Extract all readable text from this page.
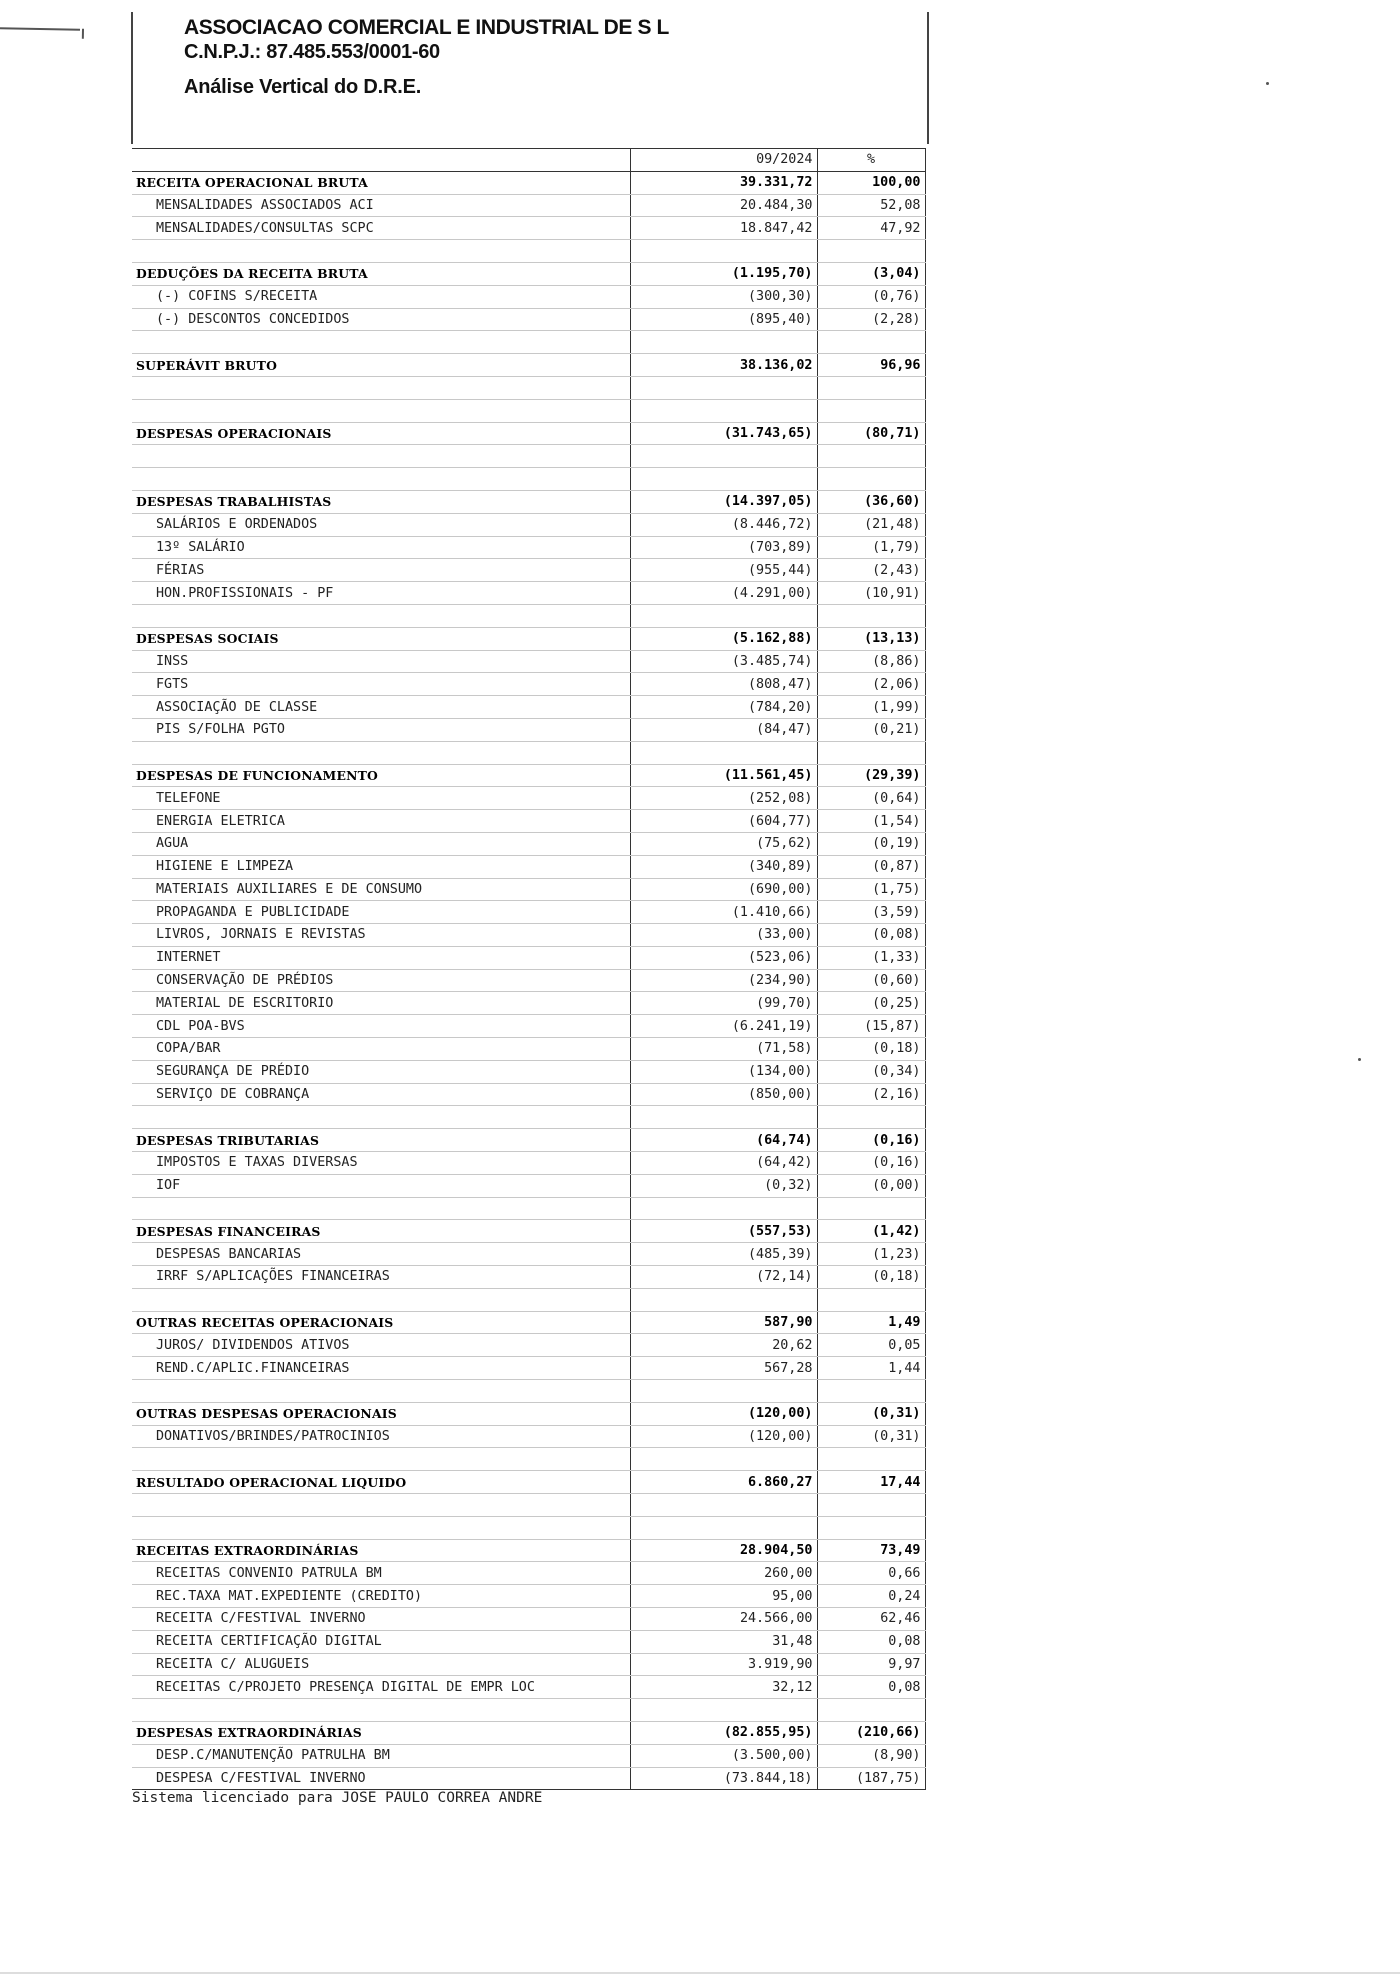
ASSOCIACAO COMERCIAL E INDUSTRIAL DE S L
C.N.P.J.: 87.485.553/0001-60
Análise Vertical do D.R.E.
	09/2024	%
RECEITA OPERACIONAL BRUTA	39.331,72	100,00
MENSALIDADES ASSOCIADOS ACI	20.484,30	52,08
MENSALIDADES/CONSULTAS SCPC	18.847,42	47,92

DEDUÇÕES DA RECEITA BRUTA	(1.195,70)	(3,04)
(-) COFINS S/RECEITA	(300,30)	(0,76)
(-) DESCONTOS CONCEDIDOS	(895,40)	(2,28)

SUPERÁVIT BRUTO	38.136,02	96,96

DESPESAS OPERACIONAIS	(31.743,65)	(80,71)

DESPESAS TRABALHISTAS	(14.397,05)	(36,60)
SALÁRIOS E ORDENADOS	(8.446,72)	(21,48)
13º SALÁRIO	(703,89)	(1,79)
FÉRIAS	(955,44)	(2,43)
HON.PROFISSIONAIS - PF	(4.291,00)	(10,91)

DESPESAS SOCIAIS	(5.162,88)	(13,13)
INSS	(3.485,74)	(8,86)
FGTS	(808,47)	(2,06)
ASSOCIAÇÃO DE CLASSE	(784,20)	(1,99)
PIS S/FOLHA PGTO	(84,47)	(0,21)

DESPESAS DE FUNCIONAMENTO	(11.561,45)	(29,39)
TELEFONE	(252,08)	(0,64)
ENERGIA ELETRICA	(604,77)	(1,54)
AGUA	(75,62)	(0,19)
HIGIENE E LIMPEZA	(340,89)	(0,87)
MATERIAIS AUXILIARES E DE CONSUMO	(690,00)	(1,75)
PROPAGANDA E PUBLICIDADE	(1.410,66)	(3,59)
LIVROS, JORNAIS E REVISTAS	(33,00)	(0,08)
INTERNET	(523,06)	(1,33)
CONSERVAÇÃO DE PRÉDIOS	(234,90)	(0,60)
MATERIAL DE ESCRITORIO	(99,70)	(0,25)
CDL POA-BVS	(6.241,19)	(15,87)
COPA/BAR	(71,58)	(0,18)
SEGURANÇA DE PRÉDIO	(134,00)	(0,34)
SERVIÇO DE COBRANÇA	(850,00)	(2,16)

DESPESAS TRIBUTARIAS	(64,74)	(0,16)
IMPOSTOS E TAXAS DIVERSAS	(64,42)	(0,16)
IOF	(0,32)	(0,00)

DESPESAS FINANCEIRAS	(557,53)	(1,42)
DESPESAS BANCARIAS	(485,39)	(1,23)
IRRF S/APLICAÇÕES FINANCEIRAS	(72,14)	(0,18)

OUTRAS RECEITAS OPERACIONAIS	587,90	1,49
JUROS/ DIVIDENDOS ATIVOS	20,62	0,05
REND.C/APLIC.FINANCEIRAS	567,28	1,44

OUTRAS DESPESAS OPERACIONAIS	(120,00)	(0,31)
DONATIVOS/BRINDES/PATROCINIOS	(120,00)	(0,31)

RESULTADO OPERACIONAL LIQUIDO	6.860,27	17,44

RECEITAS EXTRAORDINÁRIAS	28.904,50	73,49
RECEITAS CONVENIO PATRULA BM	260,00	0,66
REC.TAXA MAT.EXPEDIENTE (CREDITO)	95,00	0,24
RECEITA C/FESTIVAL INVERNO	24.566,00	62,46
RECEITA CERTIFICAÇÃO DIGITAL	31,48	0,08
RECEITA C/ ALUGUEIS	3.919,90	9,97
RECEITAS C/PROJETO PRESENÇA DIGITAL DE EMPR LOC	32,12	0,08

DESPESAS EXTRAORDINÁRIAS	(82.855,95)	(210,66)
DESP.C/MANUTENÇÃO PATRULHA BM	(3.500,00)	(8,90)
DESPESA C/FESTIVAL INVERNO	(73.844,18)	(187,75)
Sistema licenciado para JOSE PAULO CORREA ANDRE
